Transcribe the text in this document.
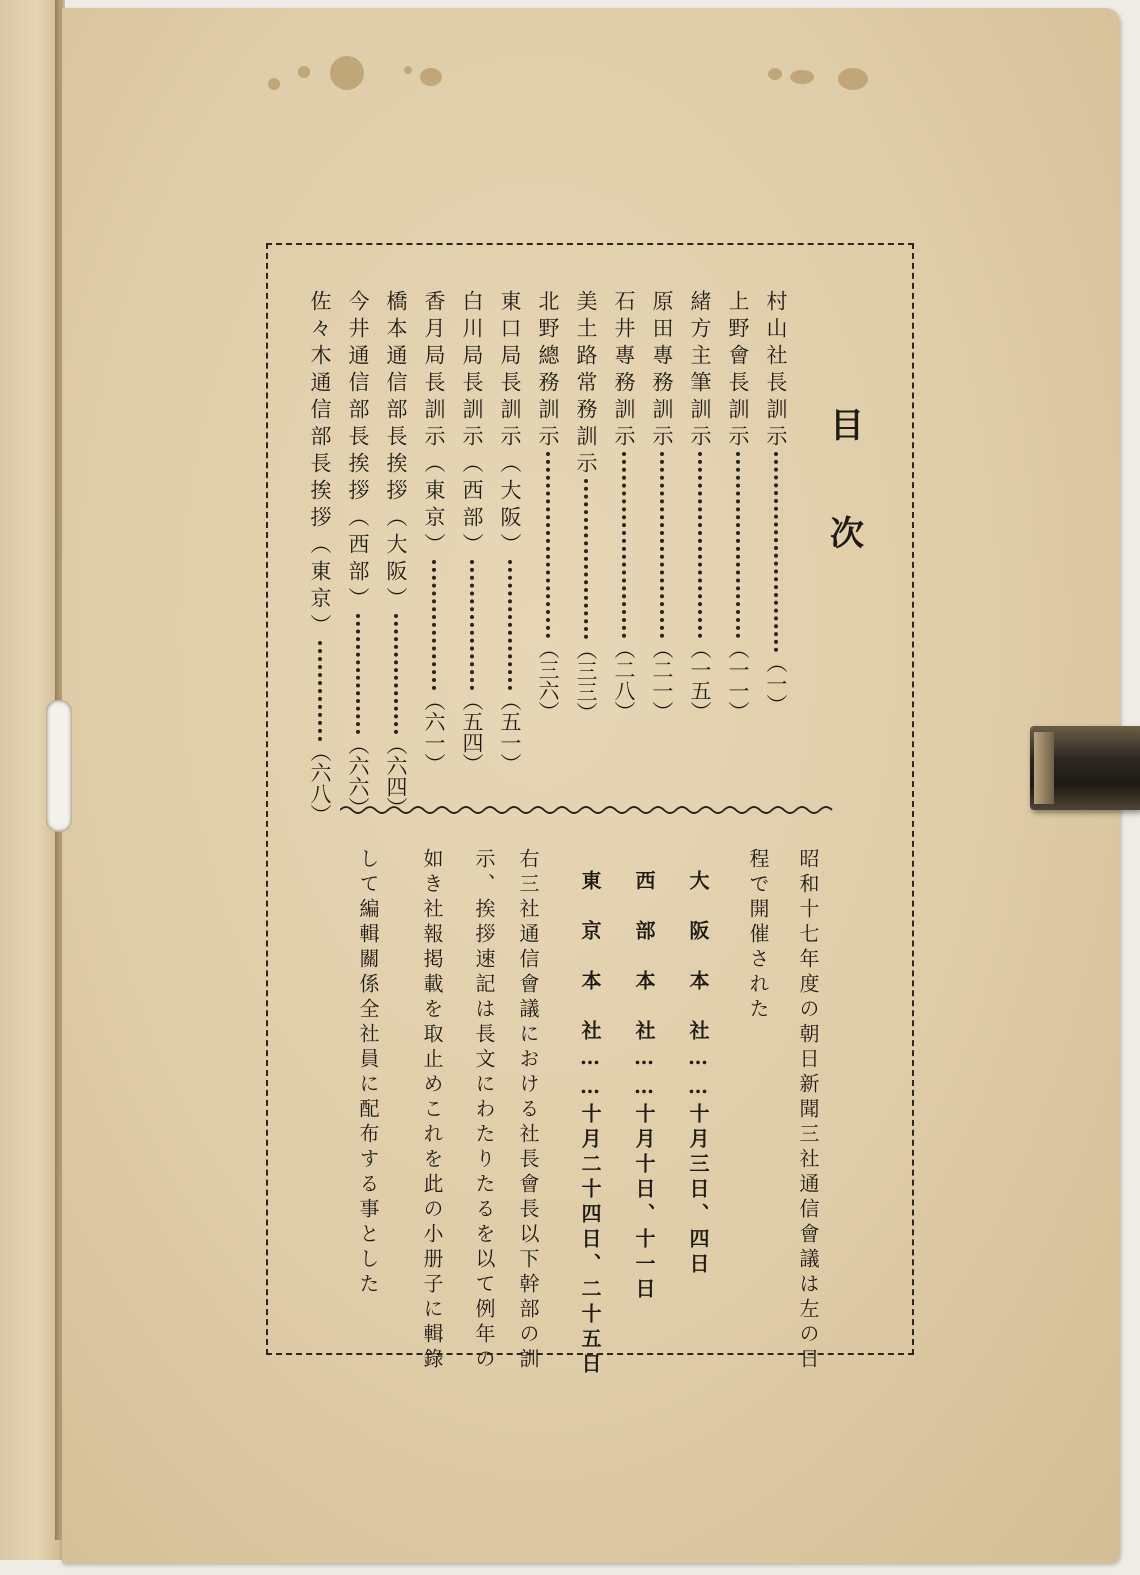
目
次
村山社長訓示（一）
上野會長訓示（一一）
緒方主筆訓示（一五）
原田專務訓示（二一）
石井專務訓示（二八）
美土路常務訓示（三三）
北野總務訓示（三六）
東口局長訓示（大阪）（五一）
白川局長訓示（西部）（五四）
香月局長訓示（東京）（六一）
橋本通信部長挨拶（大阪）（六四）
今井通信部長挨拶（西部）（六六）
佐々木通信部長挨拶（東京）（六八）
昭和十七年度の朝日新聞三社通信會議は左の日
程で開催された
大　阪　本　社……十月三日、四日
西　部　本　社……十月十日、十一日
東　京　本　社……十月二十四日、二十五日
右三社通信會議における社長會長以下幹部の訓
示、挨拶速記は長文にわたりたるを以て例年の
如き社報掲載を取止めこれを此の小册子に輯錄
して編輯關係全社員に配布する事とした
